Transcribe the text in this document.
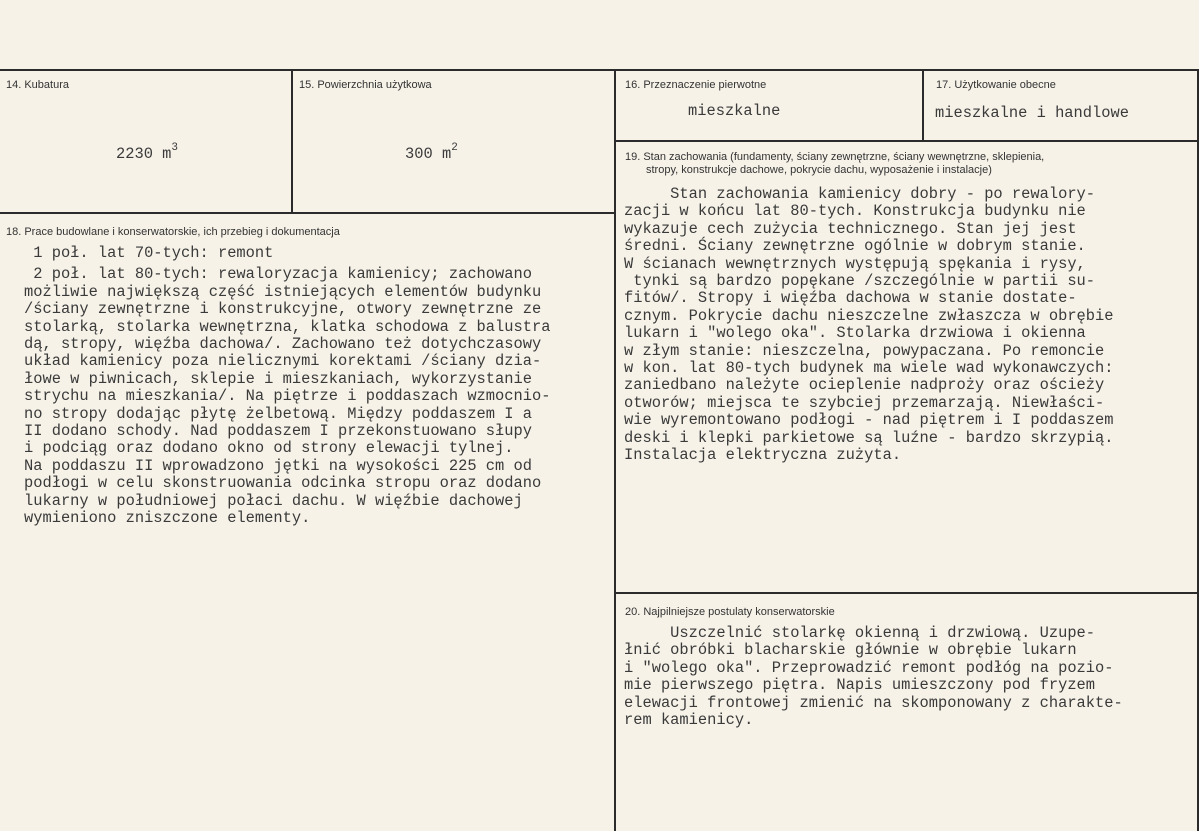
14. Kubatura
2230 $m^3$
15. Powierzchnia użytkowa
300 $m^2$
16. Przeznaczenie pierwotne
mieszkalne
17. Użytkowanie obecne
mieszkalne i handlowe
18. Prace budowlane i konserwatorskie, ich przebieg i dokumentacja
1 poł. lat 70-tych: remont
2 poł. lat 80-tych: rewaloryzacja kamienicy; zachowano
możliwie największą część istniejących elementów budynku
/ściany zewnętrzne i konstrukcyjne, otwory zewnętrzne ze
stolarką, stolarka wewnętrzna, klatka schodowa z balustra
dą, stropy, więźba dachowa/. Zachowano też dotychczasowy
układ kamienicy poza nielicznymi korektami /ściany dzia-
łowe w piwnicach, sklepie i mieszkaniach, wykorzystanie
strychu na mieszkania/. Na piętrze i poddaszach wzmocnio-
no stropy dodając płytę żelbetową. Między poddaszem I a
II dodano schody. Nad poddaszem I przekonstuowano słupy
i podciąg oraz dodano okno od strony elewacji tylnej.
Na poddaszu II wprowadzono jętki na wysokości 225 cm od
podłogi w celu skonstruowania odcinka stropu oraz dodano
lukarny w południowej połaci dachu. W więźbie dachowej
wymieniono zniszczone elementy.
19. Stan zachowania (fundamenty, ściany zewnętrzne, ściany wewnętrzne, sklepienia,
stropy, konstrukcje dachowe, pokrycie dachu, wyposażenie i instalacje)
Stan zachowania kamienicy dobry - po rewalory-
zacji w końcu lat 80-tych. Konstrukcja budynku nie
wykazuje cech zużycia technicznego. Stan jej jest
średni. Ściany zewnętrzne ogólnie w dobrym stanie.
W ścianach wewnętrznych występują spękania i rysy,
tynki są bardzo popękane /szczególnie w partii su-
fitów/. Stropy i więźba dachowa w stanie dostate-
cznym. Pokrycie dachu nieszczelne zwłaszcza w obrębie
lukarn i "wolego oka". Stolarka drzwiowa i okienna
w złym stanie: nieszczelna, powypaczana. Po remoncie
w kon. lat 80-tych budynek ma wiele wad wykonawczych:
zaniedbano należyte ocieplenie nadproży oraz ościeży
otworów; miejsca te szybciej przemarzają. Niewłaści-
wie wyremontowano podłogi - nad piętrem i I poddaszem
deski i klepki parkietowe są luźne - bardzo skrzypią.
Instalacja elektryczna zużyta.
20. Najpilniejsze postulaty konserwatorskie
Uszczelnić stolarkę okienną i drzwiową. Uzupe-
łnić obróbki blacharskie głównie w obrębie lukarn
i "wolego oka". Przeprowadzić remont podłóg na pozio-
mie pierwszego piętra. Napis umieszczony pod fryzem
elewacji frontowej zmienić na skomponowany z charakte-
rem kamienicy.
